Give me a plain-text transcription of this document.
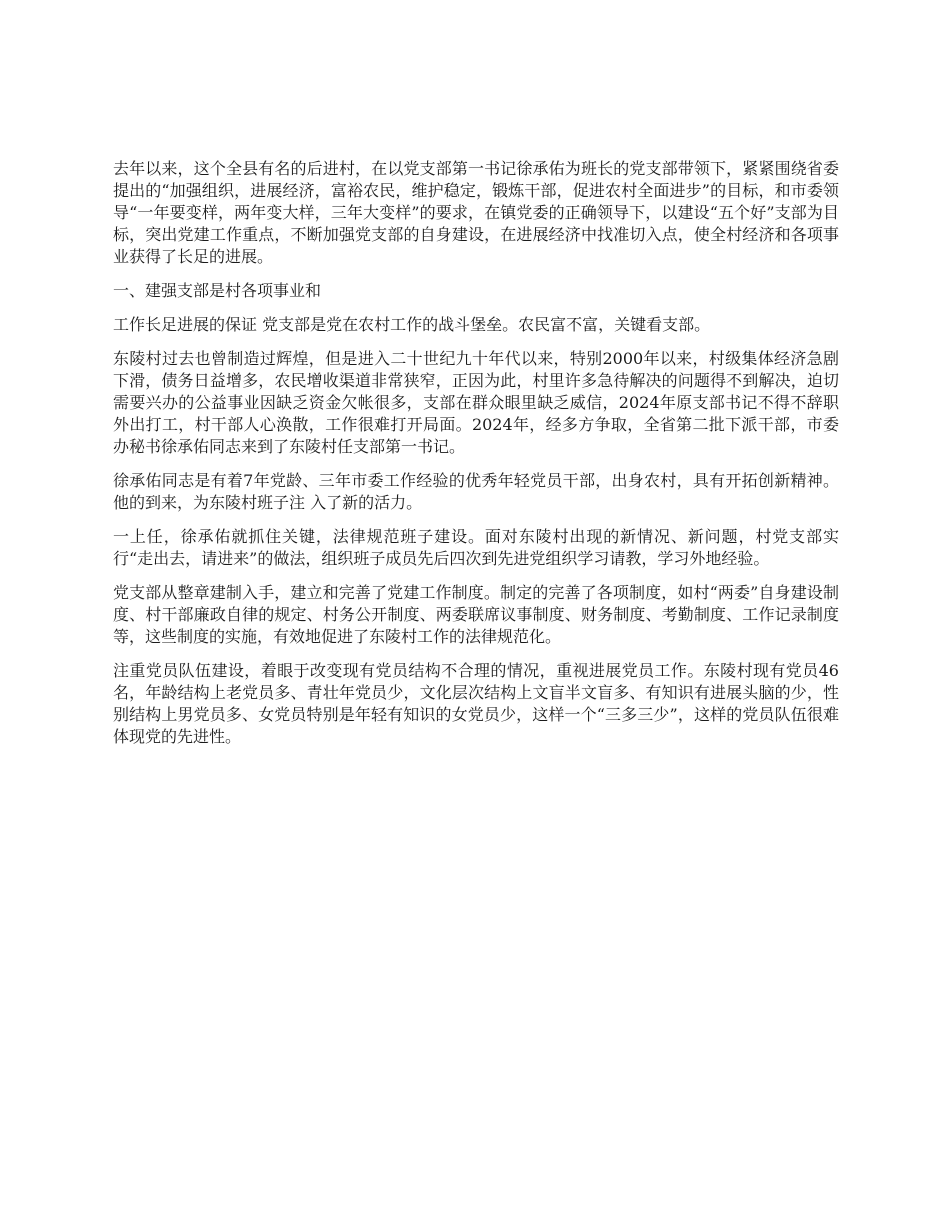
去年以来，这个全县有名的后进村，在以党支部第一书记徐承佑为班长的党支部带领下，紧紧围绕省委提出的“加强组织，进展经济，富裕农民，维护稳定，锻炼干部，促进农村全面进步”的目标，和市委领导“一年要变样，两年变大样，三年大变样”的要求，在镇党委的正确领导下，以建设“五个好”支部为目标，突出党建工作重点，不断加强党支部的自身建设，在进展经济中找准切入点，使全村经济和各项事业获得了长足的进展。

一、建强支部是村各项事业和

工作长足进展的保证 党支部是党在农村工作的战斗堡垒。农民富不富，关键看支部。

东陵村过去也曾制造过辉煌，但是进入二十世纪九十年代以来，特别2000年以来，村级集体经济急剧下滑，债务日益增多，农民增收渠道非常狭窄，正因为此，村里许多急待解决的问题得不到解决，迫切需要兴办的公益事业因缺乏资金欠帐很多，支部在群众眼里缺乏威信，2024年原支部书记不得不辞职外出打工，村干部人心涣散，工作很难打开局面。2024年，经多方争取，全省第二批下派干部，市委办秘书徐承佑同志来到了东陵村任支部第一书记。

徐承佑同志是有着7年党龄、三年市委工作经验的优秀年轻党员干部，出身农村，具有开拓创新精神。他的到来，为东陵村班子注 入了新的活力。

一上任，徐承佑就抓住关键，法律规范班子建设。面对东陵村出现的新情况、新问题，村党支部实行“走出去，请进来”的做法，组织班子成员先后四次到先进党组织学习请教，学习外地经验。

党支部从整章建制入手，建立和完善了党建工作制度。制定的完善了各项制度，如村“两委”自身建设制度、村干部廉政自律的规定、村务公开制度、两委联席议事制度、财务制度、考勤制度、工作记录制度等，这些制度的实施，有效地促进了东陵村工作的法律规范化。

注重党员队伍建设，着眼于改变现有党员结构不合理的情况，重视进展党员工作。东陵村现有党员46名，年龄结构上老党员多、青壮年党员少，文化层次结构上文盲半文盲多、有知识有进展头脑的少，性别结构上男党员多、女党员特别是年轻有知识的女党员少，这样一个“三多三少”，这样的党员队伍很难体现党的先进性。
